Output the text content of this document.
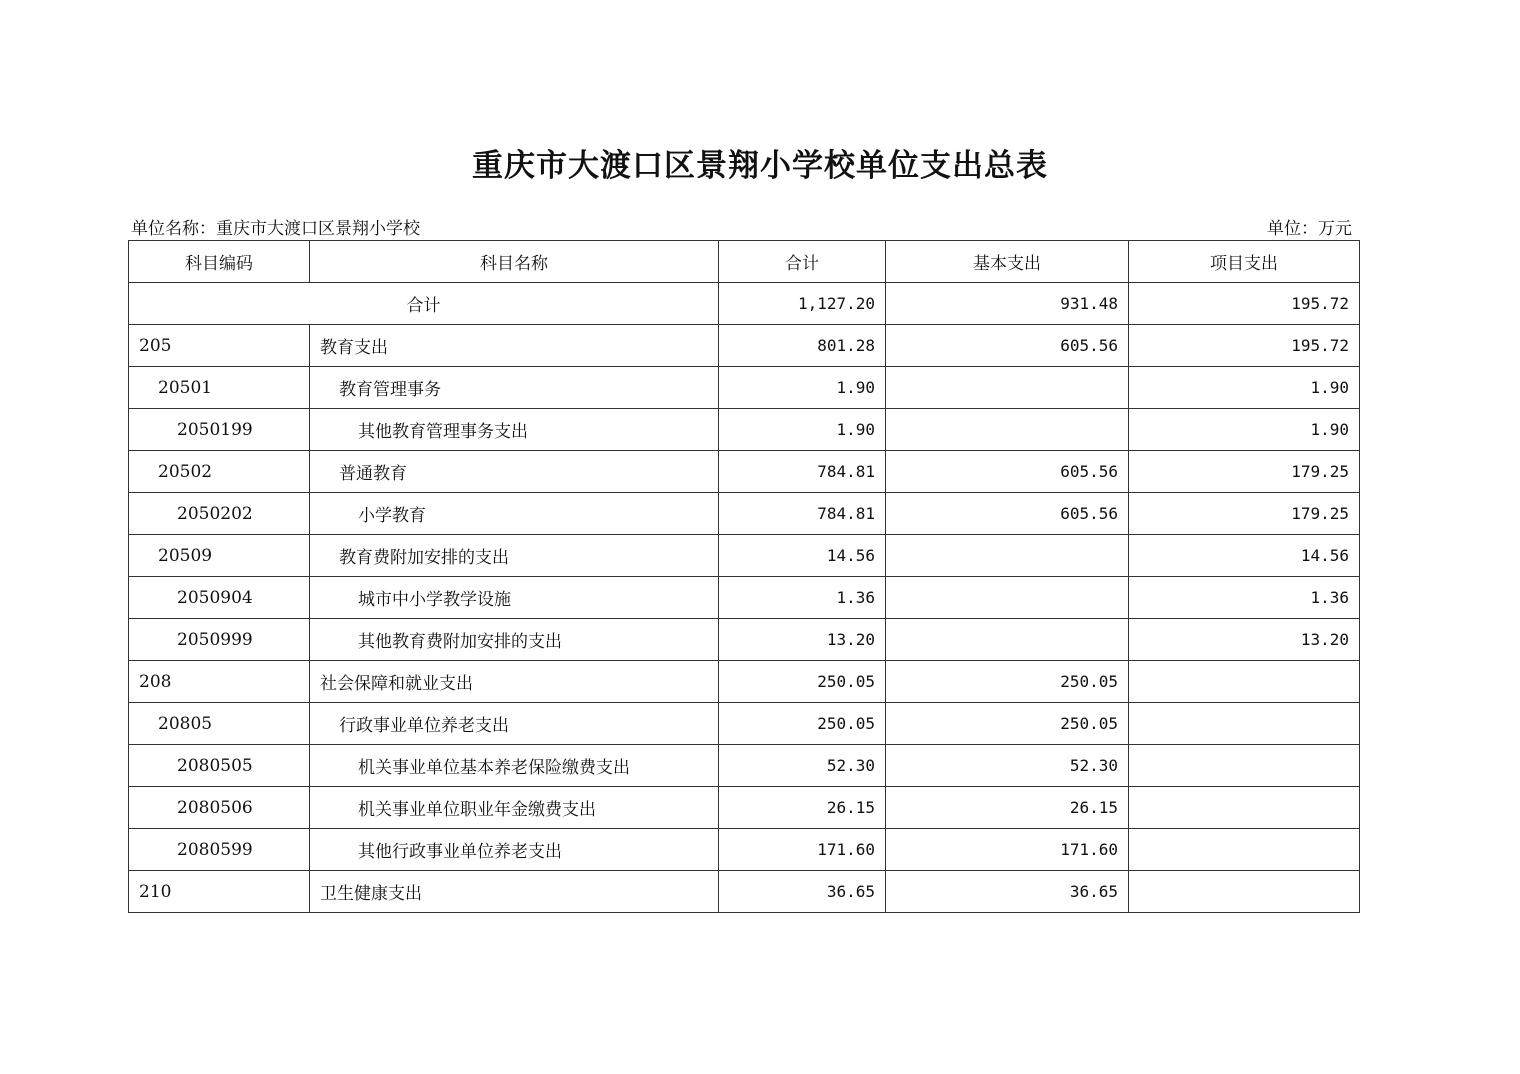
重庆市大渡口区景翔小学校单位支出总表
单位名称：重庆市大渡口区景翔小学校	单位：万元
科目编码	科目名称	合计	基本支出	项目支出
合计		1,127.20	931.48	195.72
205	教育支出	801.28	605.56	195.72
20501	教育管理事务	1.90		1.90
2050199	其他教育管理事务支出	1.90		1.90
20502	普通教育	784.81	605.56	179.25
2050202	小学教育	784.81	605.56	179.25
20509	教育费附加安排的支出	14.56		14.56
2050904	城市中小学教学设施	1.36		1.36
2050999	其他教育费附加安排的支出	13.20		13.20
208	社会保障和就业支出	250.05	250.05	
20805	行政事业单位养老支出	250.05	250.05	
2080505	机关事业单位基本养老保险缴费支出	52.30	52.30	
2080506	机关事业单位职业年金缴费支出	26.15	26.15	
2080599	其他行政事业单位养老支出	171.60	171.60	
210	卫生健康支出	36.65	36.65	
